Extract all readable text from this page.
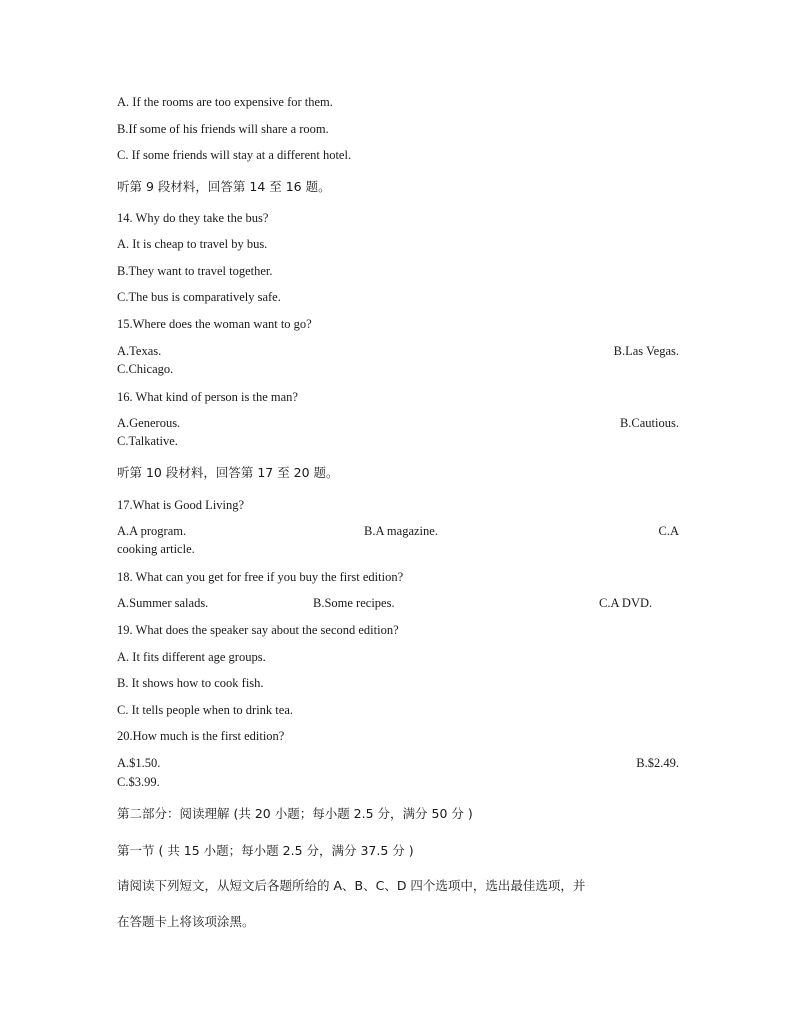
A. If the rooms are too expensive for them.
B.If some of his friends will share a room.
C. If some friends will stay at a different hotel.
听第 9 段材料，回答第 14 至 16 题。
14. Why do they take the bus?
A. It is cheap to travel by bus.
B.They want to travel together.
C.The bus is comparatively safe.
15.Where does the woman want to go?
A.Texas.	B.Las Vegas.
C.Chicago.
16. What kind of person is the man?
A.Generous.	B.Cautious.
C.Talkative.
听第 10 段材料，回答第 17 至 20 题。
17.What is Good Living?
A.A program.	B.A magazine.	C.A
cooking article.
18. What can you get for free if you buy the first edition?
A.Summer salads.	B.Some recipes.	C.A DVD.
19. What does the speaker say about the second edition?
A. It fits different age groups.
B. It shows how to cook fish.
C. It tells people when to drink tea.
20.How much is the first edition?
A.$1.50.	B.$2.49.
C.$3.99.
第二部分：阅读理解 (共 20 小题；每小题 2.5 分，满分 50 分 )
第一节 ( 共 15 小题；每小题 2.5 分，满分 37.5 分 )
请阅读下列短文，从短文后各题所给的 A、B、C、D 四个选项中，选出最佳选项，并
在答题卡上将该项涂黑。
